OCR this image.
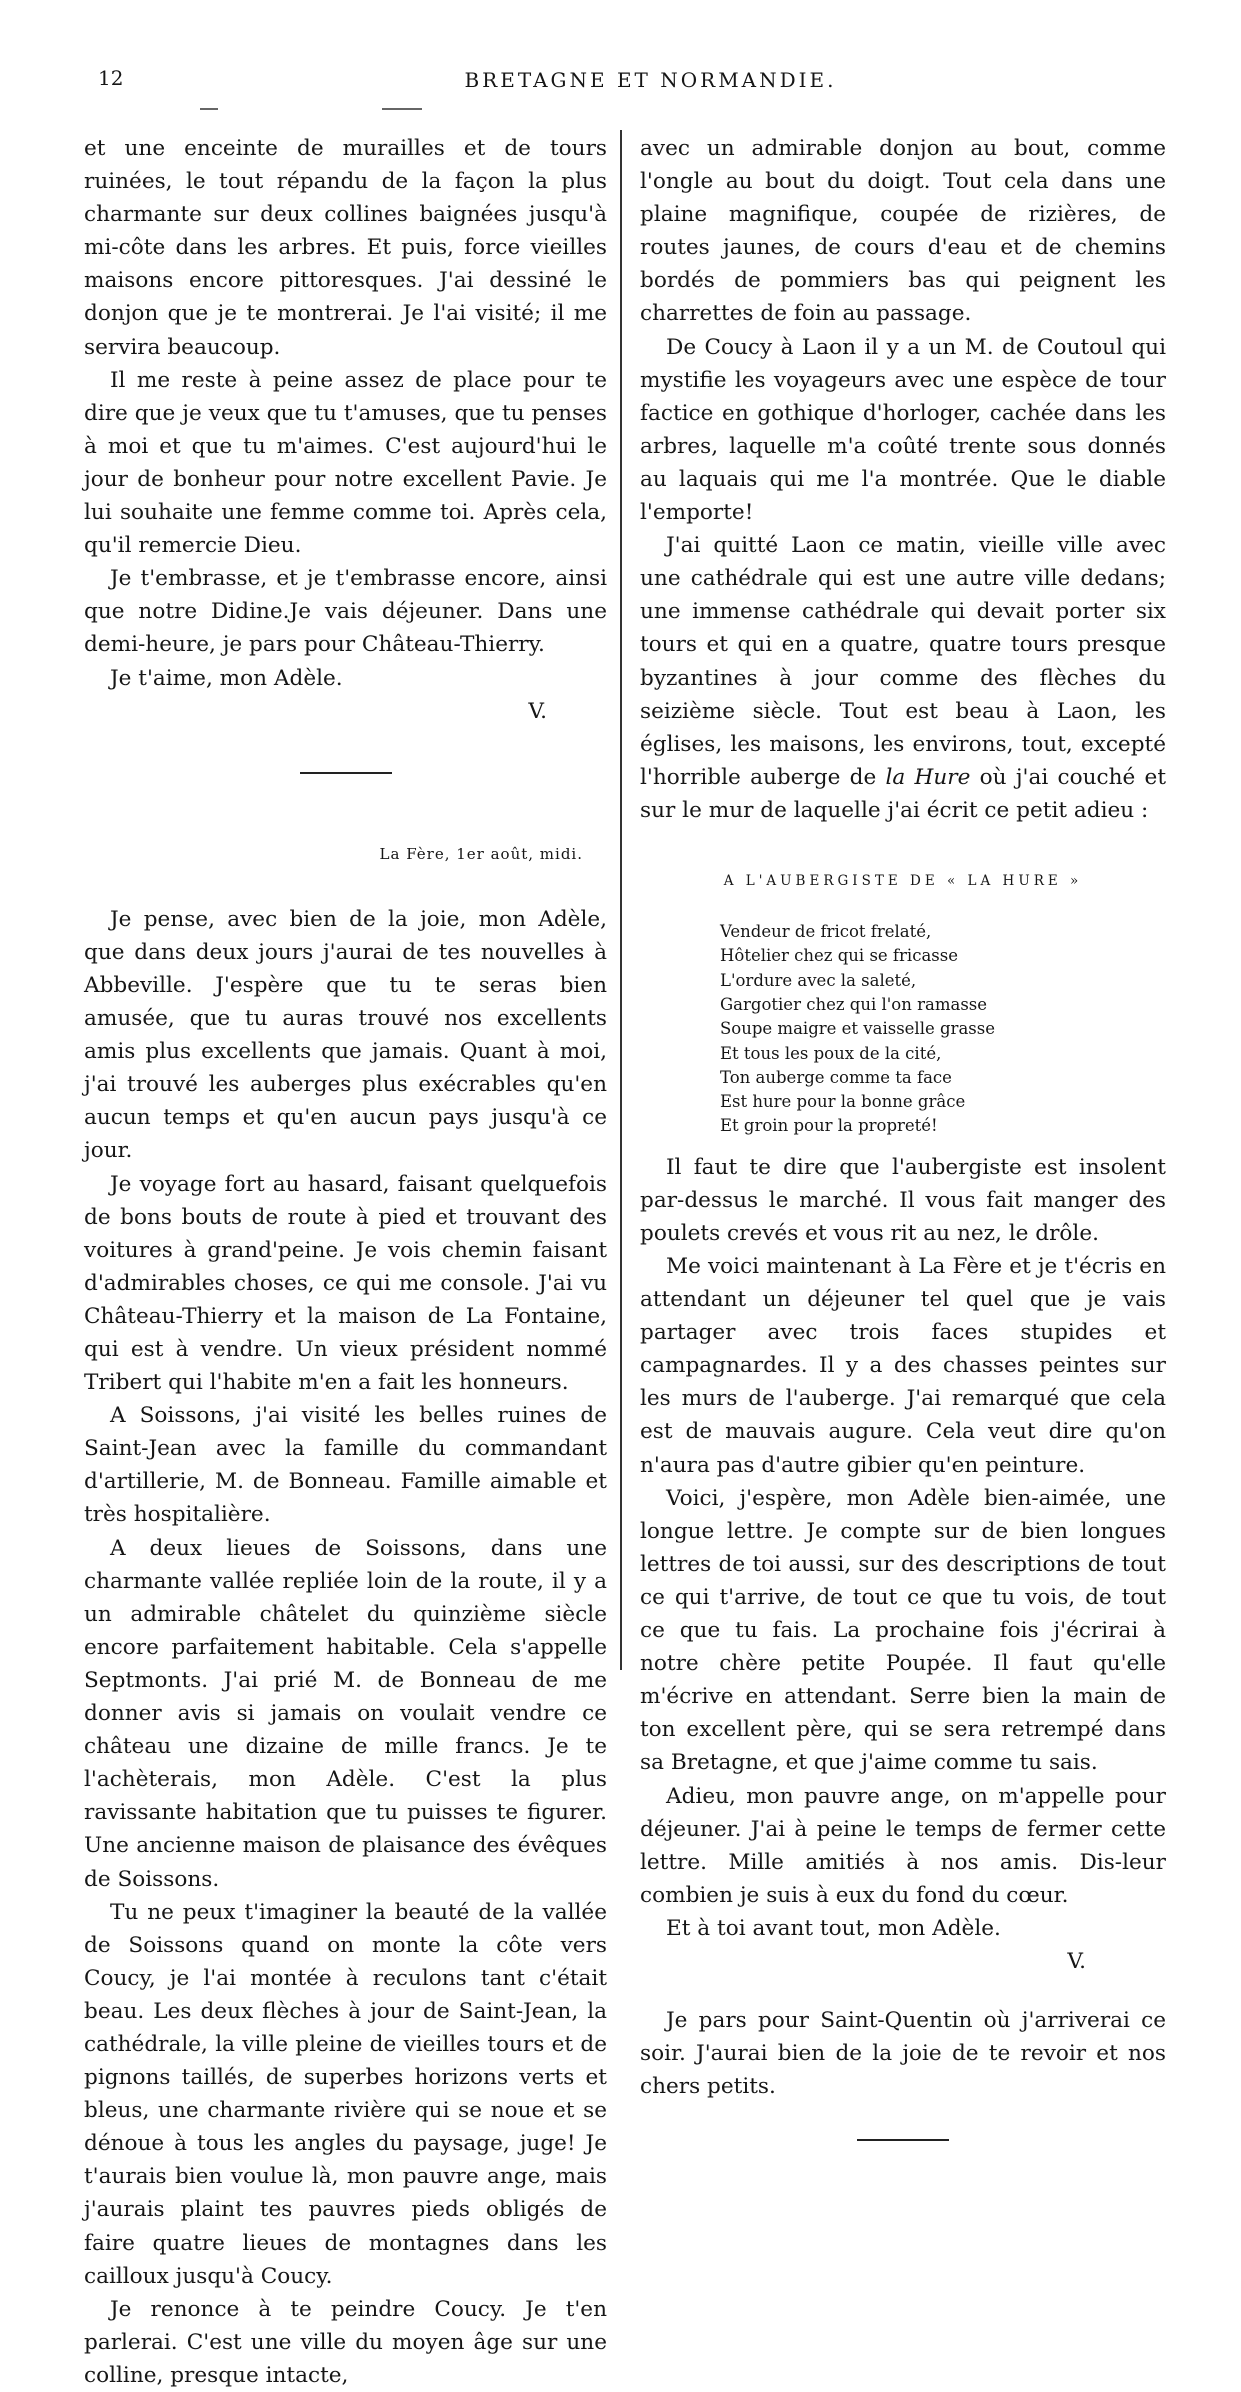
12	BRETAGNE ET NORMANDIE.

et une enceinte de murailles et de tours ruinées, le tout répandu de la façon la plus charmante sur deux collines baignées jusqu'à mi-côte dans les arbres. Et puis, force vieilles maisons encore pittoresques. J'ai dessiné le donjon que je te montrerai. Je l'ai visité; il me servira beaucoup.

Il me reste à peine assez de place pour te dire que je veux que tu t'amuses, que tu penses à moi et que tu m'aimes. C'est aujourd'hui le jour de bonheur pour notre excellent Pavie. Je lui souhaite une femme comme toi. Après cela, qu'il remercie Dieu.

Je t'embrasse, et je t'embrasse encore, ainsi que notre Didine.Je vais déjeuner. Dans une demi-heure, je pars pour Château-Thierry.

Je t'aime, mon Adèle.

V.

La Fère, 1er août, midi.

Je pense, avec bien de la joie, mon Adèle, que dans deux jours j'aurai de tes nouvelles à Abbeville. J'espère que tu te seras bien amusée, que tu auras trouvé nos excellents amis plus excellents que jamais. Quant à moi, j'ai trouvé les auberges plus exécrables qu'en aucun temps et qu'en aucun pays jusqu'à ce jour.

Je voyage fort au hasard, faisant quelquefois de bons bouts de route à pied et trouvant des voitures à grand'peine. Je vois chemin faisant d'admirables choses, ce qui me console. J'ai vu Château-Thierry et la maison de La Fontaine, qui est à vendre. Un vieux président nommé Tribert qui l'habite m'en a fait les honneurs.

A Soissons, j'ai visité les belles ruines de Saint-Jean avec la famille du commandant d'artillerie, M. de Bonneau. Famille aimable et très hospitalière.

A deux lieues de Soissons, dans une charmante vallée repliée loin de la route, il y a un admirable châtelet du quinzième siècle encore parfaitement habitable. Cela s'appelle Septmonts. J'ai prié M. de Bonneau de me donner avis si jamais on voulait vendre ce château une dizaine de mille francs. Je te l'achèterais, mon Adèle. C'est la plus ravissante habitation que tu puisses te figurer. Une ancienne maison de plaisance des évêques de Soissons.

Tu ne peux t'imaginer la beauté de la vallée de Soissons quand on monte la côte vers Coucy, je l'ai montée à reculons tant c'était beau. Les deux flèches à jour de Saint-Jean, la cathédrale, la ville pleine de vieilles tours et de pignons taillés, de superbes horizons verts et bleus, une charmante rivière qui se noue et se dénoue à tous les angles du paysage, juge! Je t'aurais bien voulue là, mon pauvre ange, mais j'aurais plaint tes pauvres pieds obligés de faire quatre lieues de montagnes dans les cailloux jusqu'à Coucy.

Je renonce à te peindre Coucy. Je t'en parlerai. C'est une ville du moyen âge sur une colline, presque intacte,

avec un admirable donjon au bout, comme l'ongle au bout du doigt. Tout cela dans une plaine magnifique, coupée de rizières, de routes jaunes, de cours d'eau et de chemins bordés de pommiers bas qui peignent les charrettes de foin au passage.

De Coucy à Laon il y a un M. de Coutoul qui mystifie les voyageurs avec une espèce de tour factice en gothique d'horloger, cachée dans les arbres, laquelle m'a coûté trente sous donnés au laquais qui me l'a montrée. Que le diable l'emporte!

J'ai quitté Laon ce matin, vieille ville avec une cathédrale qui est une autre ville dedans; une immense cathédrale qui devait porter six tours et qui en a quatre, quatre tours presque byzantines à jour comme des flèches du seizième siècle. Tout est beau à Laon, les églises, les maisons, les environs, tout, excepté l'horrible auberge de la Hure où j'ai couché et sur le mur de laquelle j'ai écrit ce petit adieu :

A L'AUBERGISTE DE « LA HURE »

Vendeur de fricot frelaté,
Hôtelier chez qui se fricasse
L'ordure avec la saleté,
Gargotier chez qui l'on ramasse
Soupe maigre et vaisselle grasse
Et tous les poux de la cité,
Ton auberge comme ta face
Est hure pour la bonne grâce
Et groin pour la propreté!

Il faut te dire que l'aubergiste est insolent par-dessus le marché. Il vous fait manger des poulets crevés et vous rit au nez, le drôle.

Me voici maintenant à La Fère et je t'écris en attendant un déjeuner tel quel que je vais partager avec trois faces stupides et campagnardes. Il y a des chasses peintes sur les murs de l'auberge. J'ai remarqué que cela est de mauvais augure. Cela veut dire qu'on n'aura pas d'autre gibier qu'en peinture.

Voici, j'espère, mon Adèle bien-aimée, une longue lettre. Je compte sur de bien longues lettres de toi aussi, sur des descriptions de tout ce qui t'arrive, de tout ce que tu vois, de tout ce que tu fais. La prochaine fois j'écrirai à notre chère petite Poupée. Il faut qu'elle m'écrive en attendant. Serre bien la main de ton excellent père, qui se sera retrempé dans sa Bretagne, et que j'aime comme tu sais.

Adieu, mon pauvre ange, on m'appelle pour déjeuner. J'ai à peine le temps de fermer cette lettre. Mille amitiés à nos amis. Dis-leur combien je suis à eux du fond du cœur.

Et à toi avant tout, mon Adèle.

V.

Je pars pour Saint-Quentin où j'arriverai ce soir. J'aurai bien de la joie de te revoir et nos chers petits.
